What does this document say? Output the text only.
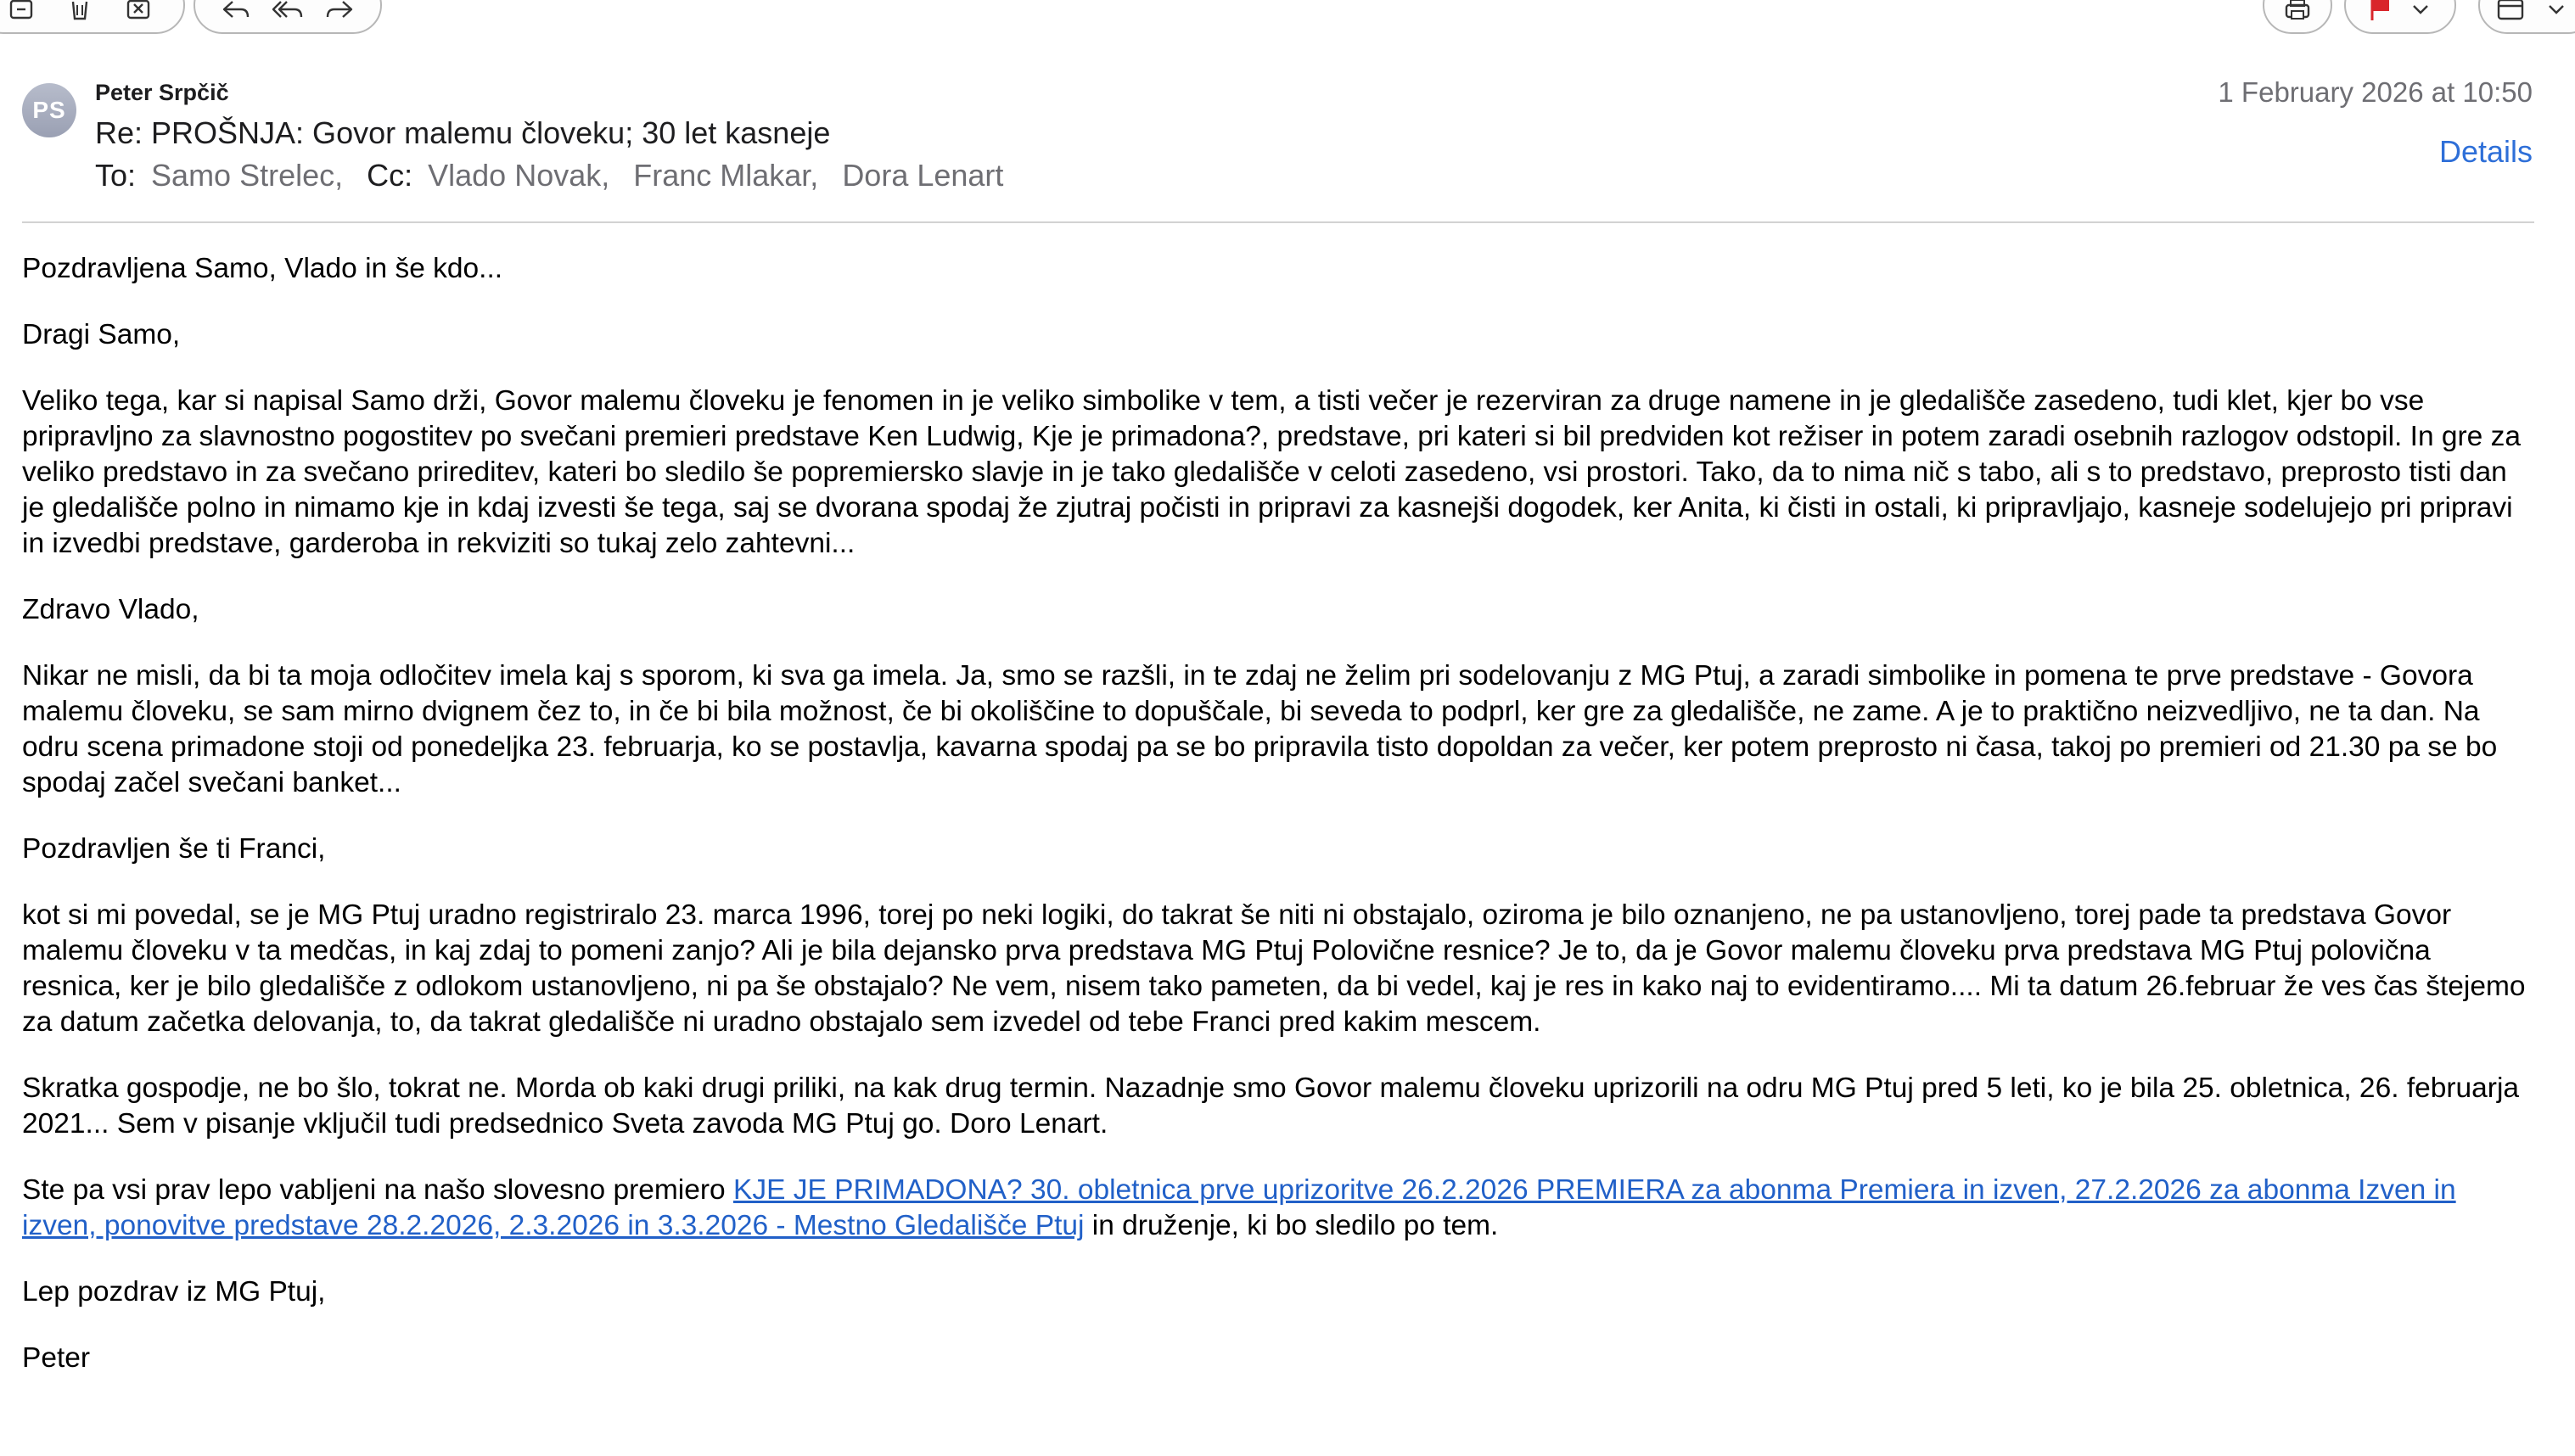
PS
Peter Srpčič
Re: PROŠNJA: Govor malemu človeku; 30 let kasneje
To: Samo Strelec, Cc: Vlado Novak, Franc Mlakar, Dora Lenart
1 February 2026 at 10:50
Details

Pozdravljena Samo, Vlado in še kdo...

Dragi Samo,

Veliko tega, kar si napisal Samo drži, Govor malemu človeku je fenomen in je veliko simbolike v tem, a tisti večer je rezerviran za druge namene in je gledališče zasedeno, tudi klet, kjer bo vse pripravljno za slavnostno pogostitev po svečani premieri predstave Ken Ludwig, Kje je primadona?, predstave, pri kateri si bil predviden kot režiser in potem zaradi osebnih razlogov odstopil. In gre za veliko predstavo in za svečano prireditev, kateri bo sledilo še popremiersko slavje in je tako gledališče v celoti zasedeno, vsi prostori. Tako, da to nima nič s tabo, ali s to predstavo, preprosto tisti dan je gledališče polno in nimamo kje in kdaj izvesti še tega, saj se dvorana spodaj že zjutraj počisti in pripravi za kasnejši dogodek, ker Anita, ki čisti in ostali, ki pripravljajo, kasneje sodelujejo pri pripravi in izvedbi predstave, garderoba in rekviziti so tukaj zelo zahtevni...

Zdravo Vlado,

Nikar ne misli, da bi ta moja odločitev imela kaj s sporom, ki sva ga imela. Ja, smo se razšli, in te zdaj ne želim pri sodelovanju z MG Ptuj, a zaradi simbolike in pomena te prve predstave - Govora malemu človeku, se sam mirno dvignem čez to, in če bi bila možnost, če bi okoliščine to dopuščale, bi seveda to podprl, ker gre za gledališče, ne zame. A je to praktično neizvedljivo, ne ta dan. Na odru scena primadone stoji od ponedeljka 23. februarja, ko se postavlja, kavarna spodaj pa se bo pripravila tisto dopoldan za večer, ker potem preprosto ni časa, takoj po premieri od 21.30 pa se bo spodaj začel svečani banket...

Pozdravljen še ti Franci,

kot si mi povedal, se je MG Ptuj uradno registriralo 23. marca 1996, torej po neki logiki, do takrat še niti ni obstajalo, oziroma je bilo oznanjeno, ne pa ustanovljeno, torej pade ta predstava Govor malemu človeku v ta medčas, in kaj zdaj to pomeni zanjo? Ali je bila dejansko prva predstava MG Ptuj Polovične resnice? Je to, da je Govor malemu človeku prva predstava MG Ptuj polovična resnica, ker je bilo gledališče z odlokom ustanovljeno, ni pa še obstajalo? Ne vem, nisem tako pameten, da bi vedel, kaj je res in kako naj to evidentiramo.... Mi ta datum 26.februar že ves čas štejemo za datum začetka delovanja, to, da takrat gledališče ni uradno obstajalo sem izvedel od tebe Franci pred kakim mescem.

Skratka gospodje, ne bo šlo, tokrat ne. Morda ob kaki drugi priliki, na kak drug termin. Nazadnje smo Govor malemu človeku uprizorili na odru MG Ptuj pred 5 leti, ko je bila 25. obletnica, 26. februarja 2021... Sem v pisanje vključil tudi predsednico Sveta zavoda MG Ptuj go. Doro Lenart.

Ste pa vsi prav lepo vabljeni na našo slovesno premiero KJE JE PRIMADONA? 30. obletnica prve uprizoritve 26.2.2026 PREMIERA za abonma Premiera in izven, 27.2.2026 za abonma Izven in izven, ponovitve predstave 28.2.2026, 2.3.2026 in 3.3.2026 - Mestno Gledališče Ptuj in druženje, ki bo sledilo po tem.

Lep pozdrav iz MG Ptuj,

Peter
